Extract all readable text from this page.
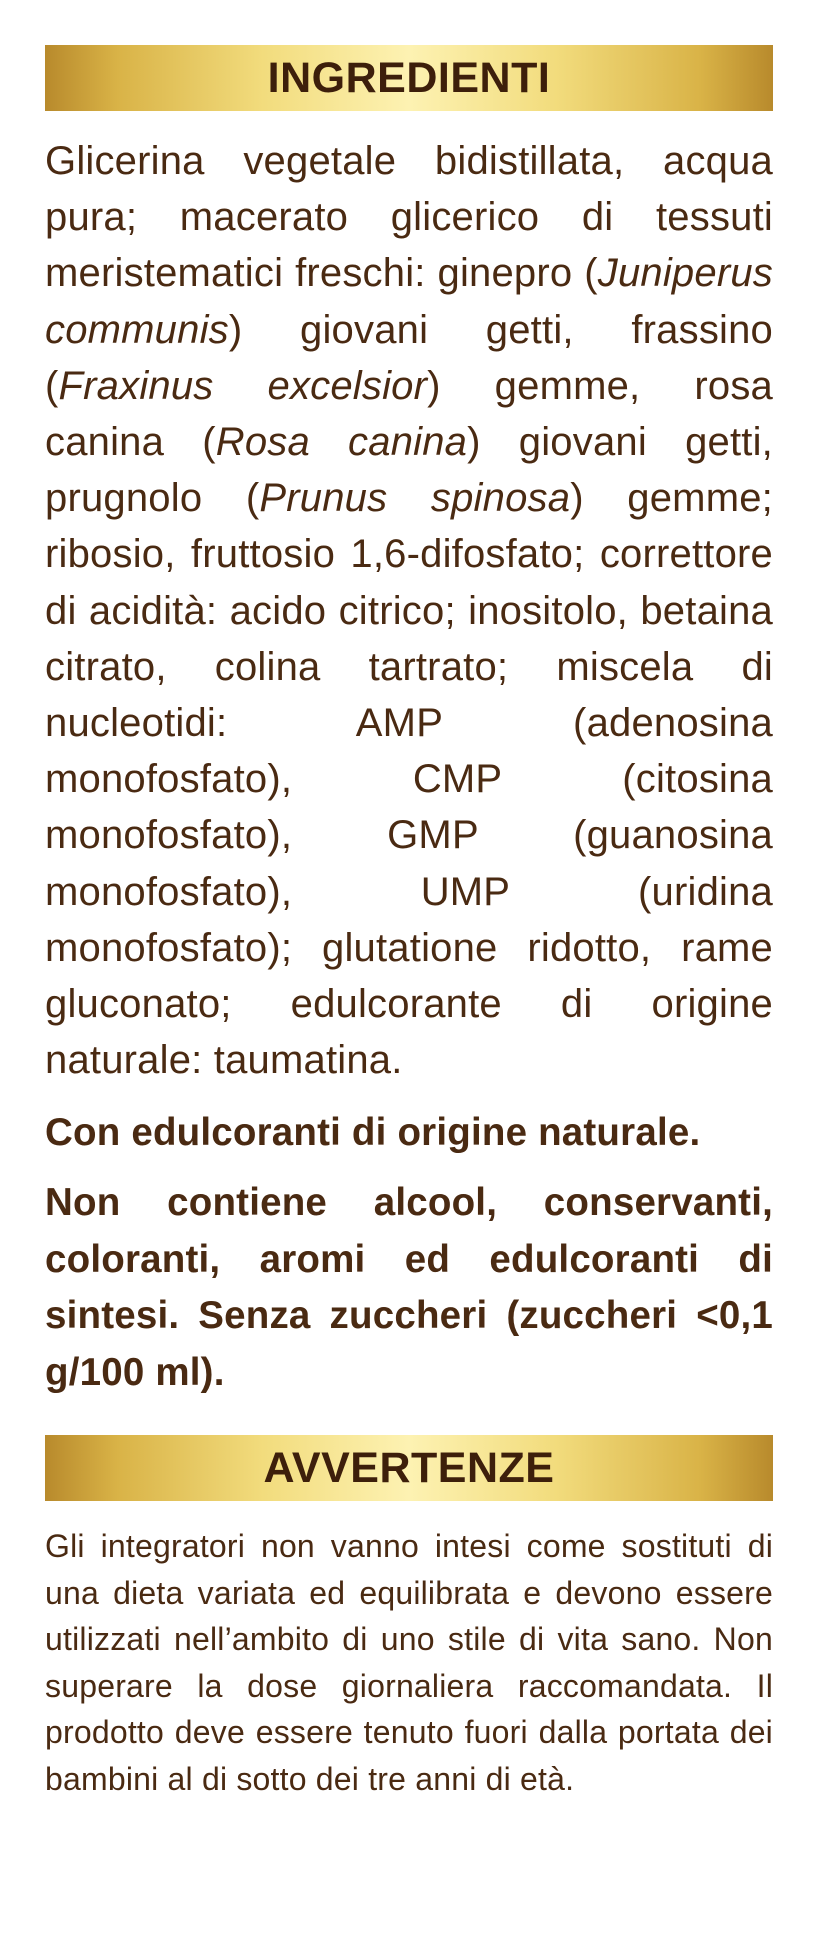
INGREDIENTI

Glicerina vegetale bidistillata, acqua pura; macerato glicerico di tessuti meristematici freschi: ginepro (Juniperus communis) giovani getti, frassino (Fraxinus excelsior) gemme, rosa canina (Rosa canina) giovani getti, prugnolo (Prunus spinosa) gemme; ribosio, fruttosio 1,6-difosfato; correttore di acidità: acido citrico; inositolo, betaina citrato, colina tartrato; miscela di nucleotidi: AMP (adenosina monofosfato), CMP (citosina monofosfato), GMP (guanosina monofosfato), UMP (uridina monofosfato); glutatione ridotto, rame gluconato; edulcorante di origine naturale: taumatina.

Con edulcoranti di origine naturale.

Non contiene alcool, conservanti, coloranti, aromi ed edulcoranti di sintesi. Senza zuccheri (zuccheri <0,1 g/100 ml).

AVVERTENZE

Gli integratori non vanno intesi come sostituti di una dieta variata ed equilibrata e devono essere utilizzati nell’ambito di uno stile di vita sano. Non superare la dose giornaliera raccomandata. Il prodotto deve essere tenuto fuori dalla portata dei bambini al di sotto dei tre anni di età.
